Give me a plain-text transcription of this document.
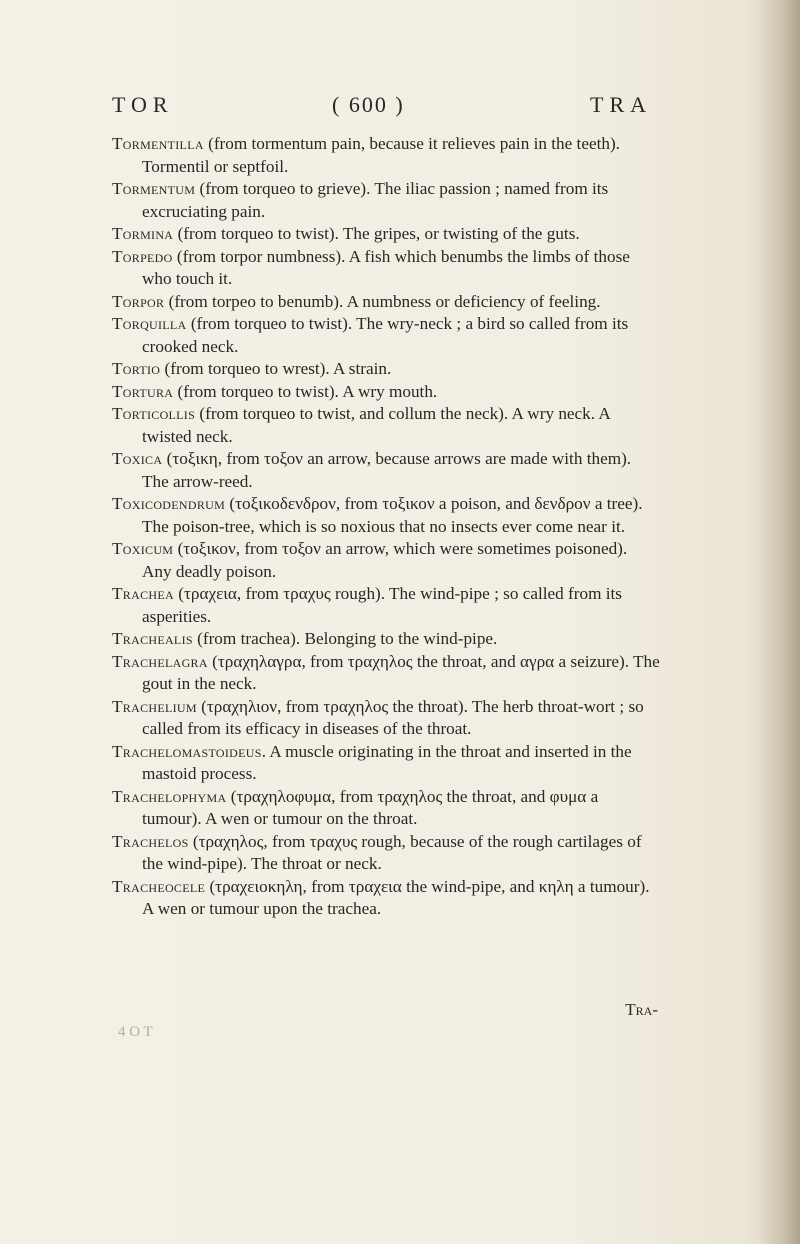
TOR	( 600 )	TRA

Tormentilla (from tormentum pain, because it relieves pain in the teeth). Tormentil or septfoil.

Tormentum (from torqueo to grieve). The iliac passion ; named from its excruciating pain.

Tormina (from torqueo to twist). The gripes, or twisting of the guts.

Torpedo (from torpor numbness). A fish which benumbs the limbs of those who touch it.

Torpor (from torpeo to benumb). A numbness or deficiency of feeling.

Torquilla (from torqueo to twist). The wry-neck ; a bird so called from its crooked neck.

Tortio (from torqueo to wrest). A strain.

Tortura (from torqueo to twist). A wry mouth.

Torticollis (from torqueo to twist, and collum the neck). A wry neck. A twisted neck.

Toxica (τοξικη, from τοξον an arrow, because arrows are made with them). The arrow-reed.

Toxicodendrum (τοξικοδενδρον, from τοξικον a poison, and δενδρον a tree). The poison-tree, which is so noxious that no insects ever come near it.

Toxicum (τοξικον, from τοξον an arrow, which were sometimes poisoned). Any deadly poison.

Trachea (τραχεια, from τραχυς rough). The wind-pipe ; so called from its asperities.

Trachealis (from trachea). Belonging to the wind-pipe.

Trachelagra (τραχηλαγρα, from τραχηλος the throat, and αγρα a seizure). The gout in the neck.

Trachelium (τραχηλιον, from τραχηλος the throat). The herb throat-wort ; so called from its efficacy in diseases of the throat.

Trachelomastoideus. A muscle originating in the throat and inserted in the mastoid process.

Trachelophyma (τραχηλοφυμα, from τραχηλος the throat, and φυμα a tumour). A wen or tumour on the throat.

Trachelos (τραχηλος, from τραχυς rough, because of the rough cartilages of the wind-pipe). The throat or neck.

Tracheocele (τραχειοκηλη, from τραχεια the wind-pipe, and κηλη a tumour). A wen or tumour upon the trachea.

Tra-
4 O T
